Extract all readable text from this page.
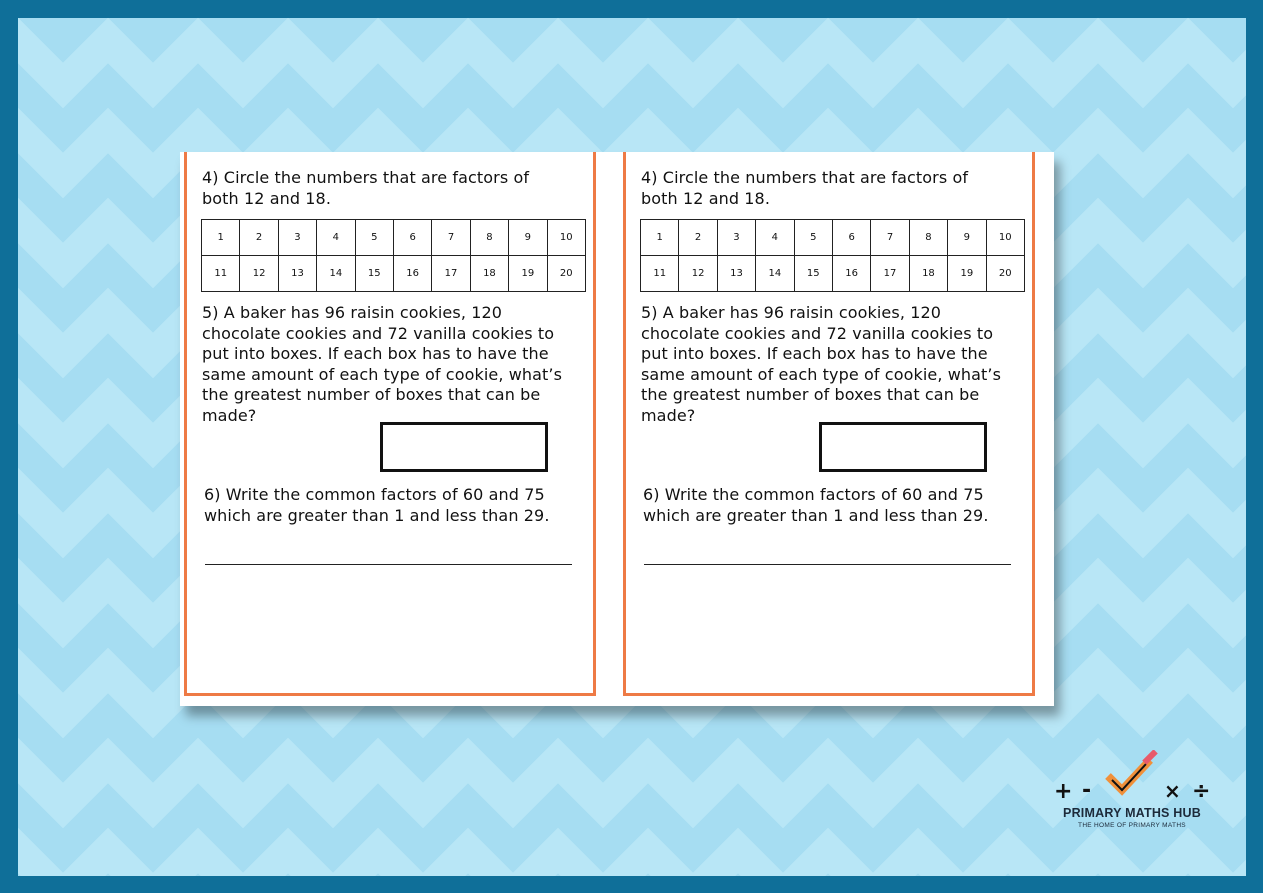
4) Circle the numbers that are factors of
both 12 and 18.
1	2	3	4	5	6	7	8	9	10
11	12	13	14	15	16	17	18	19	20
5) A baker has 96 raisin cookies, 120
chocolate cookies and 72 vanilla cookies to
put into boxes. If each box has to have the
same amount of each type of cookie, what’s
the greatest number of boxes that can be
made?
6) Write the common factors of 60 and 75
which are greater than 1 and less than 29.
4) Circle the numbers that are factors of
both 12 and 18.
1	2	3	4	5	6	7	8	9	10
11	12	13	14	15	16	17	18	19	20
5) A baker has 96 raisin cookies, 120
chocolate cookies and 72 vanilla cookies to
put into boxes. If each box has to have the
same amount of each type of cookie, what’s
the greatest number of boxes that can be
made?
6) Write the common factors of 60 and 75
which are greater than 1 and less than 29.
+ -	× ÷
PRIMARY MATHS HUB
THE HOME OF PRIMARY MATHS
